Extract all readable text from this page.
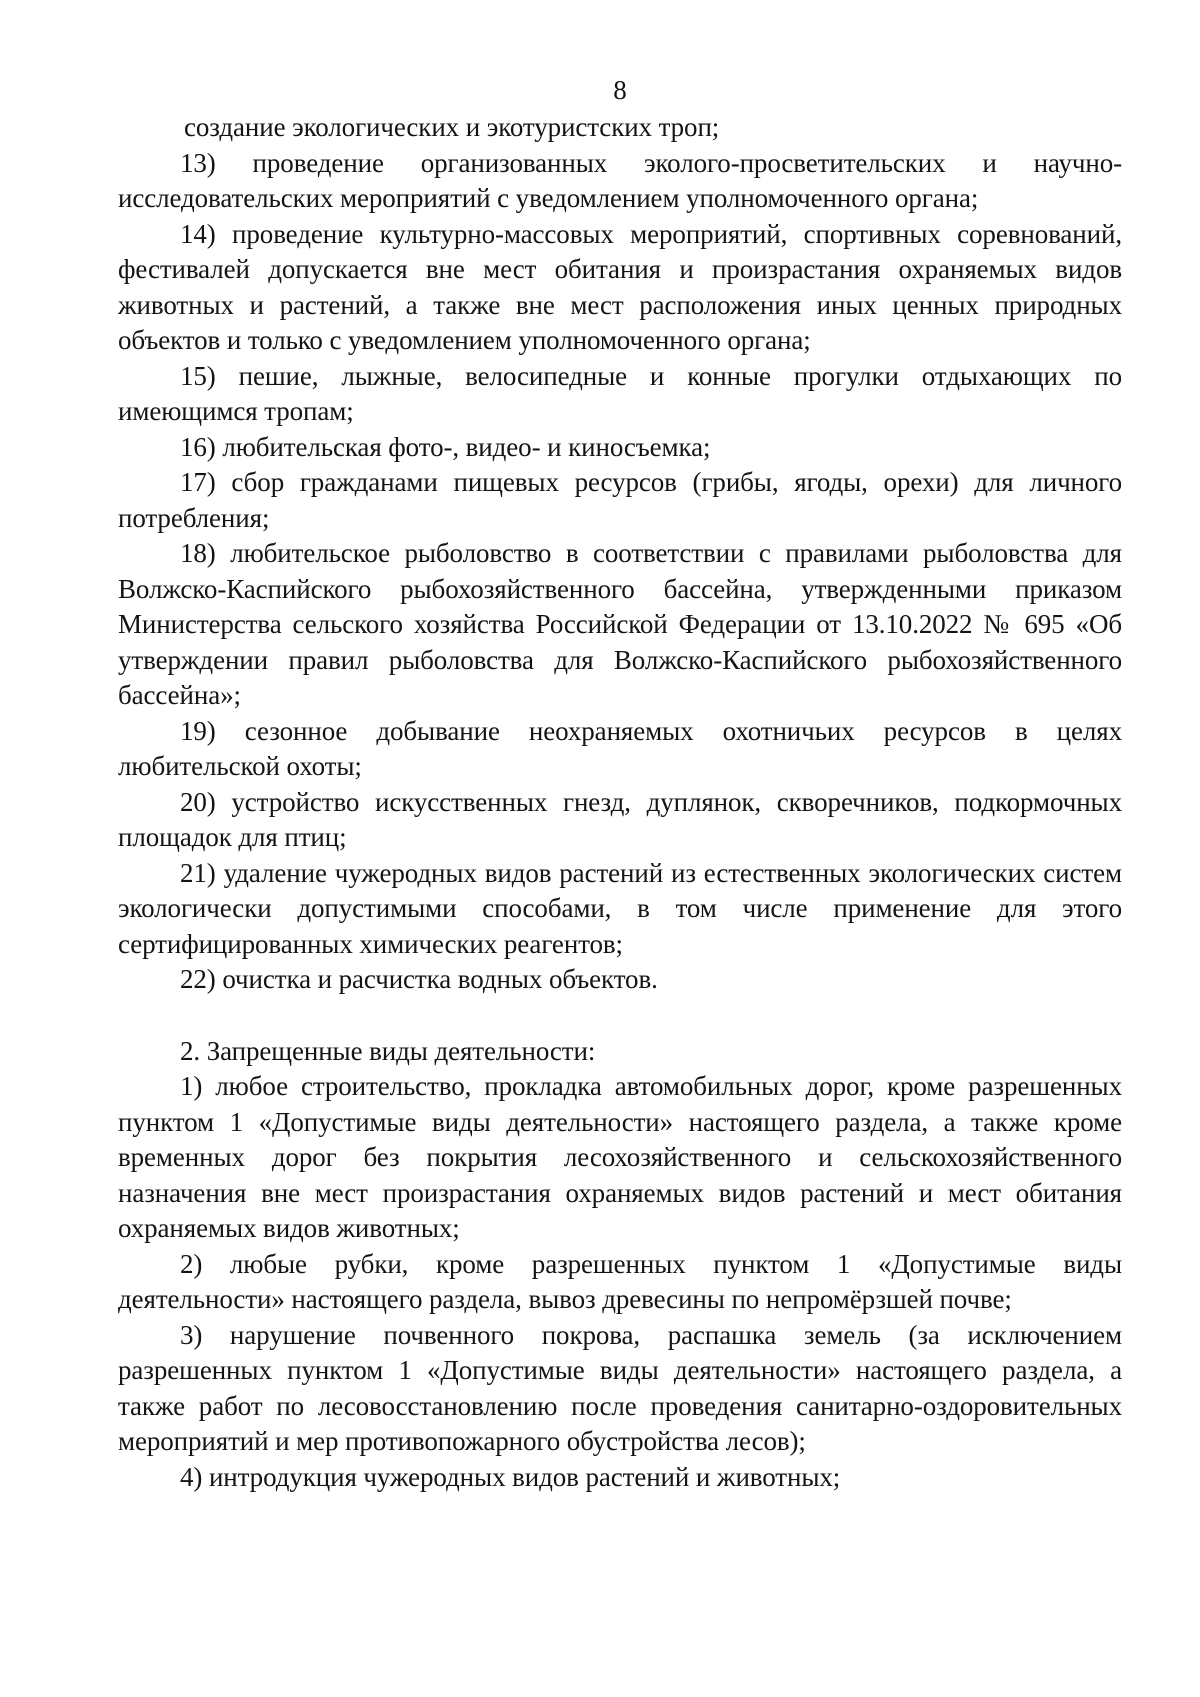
8

создание экологических и экотуристских троп;

13) проведение организованных эколого-просветительских и научно-исследовательских мероприятий с уведомлением уполномоченного органа;

14) проведение культурно-массовых мероприятий, спортивных соревнований, фестивалей допускается вне мест обитания и произрастания охраняемых видов животных и растений, а также вне мест расположения иных ценных природных объектов и только с уведомлением уполномоченного органа;

15) пешие, лыжные, велосипедные и конные прогулки отдыхающих по имеющимся тропам;

16) любительская фото-, видео- и киносъемка;

17) сбор гражданами пищевых ресурсов (грибы, ягоды, орехи) для личного потребления;

18) любительское рыболовство в соответствии с правилами рыболовства для Волжско-Каспийского рыбохозяйственного бассейна, утвержденными приказом Министерства сельского хозяйства Российской Федерации от 13.10.2022 № 695 «Об утверждении правил рыболовства для Волжско-Каспийского рыбохозяйственного бассейна»;

19) сезонное добывание неохраняемых охотничьих ресурсов в целях любительской охоты;

20) устройство искусственных гнезд, дуплянок, скворечников, подкормочных площадок для птиц;

21) удаление чужеродных видов растений из естественных экологических систем экологически допустимыми способами, в том числе применение для этого сертифицированных химических реагентов;

22) очистка и расчистка водных объектов.

2. Запрещенные виды деятельности:

1) любое строительство, прокладка автомобильных дорог, кроме разрешенных пунктом 1 «Допустимые виды деятельности» настоящего раздела, а также кроме временных дорог без покрытия лесохозяйственного и сельскохозяйственного назначения вне мест произрастания охраняемых видов растений и мест обитания охраняемых видов животных;

2) любые рубки, кроме разрешенных пунктом 1 «Допустимые виды деятельности» настоящего раздела, вывоз древесины по непромёрзшей почве;

3) нарушение почвенного покрова, распашка земель (за исключением разрешенных пунктом 1 «Допустимые виды деятельности» настоящего раздела, а также работ по лесовосстановлению после проведения санитарно-оздоровительных мероприятий и мер противопожарного обустройства лесов);

4) интродукция чужеродных видов растений и животных;
